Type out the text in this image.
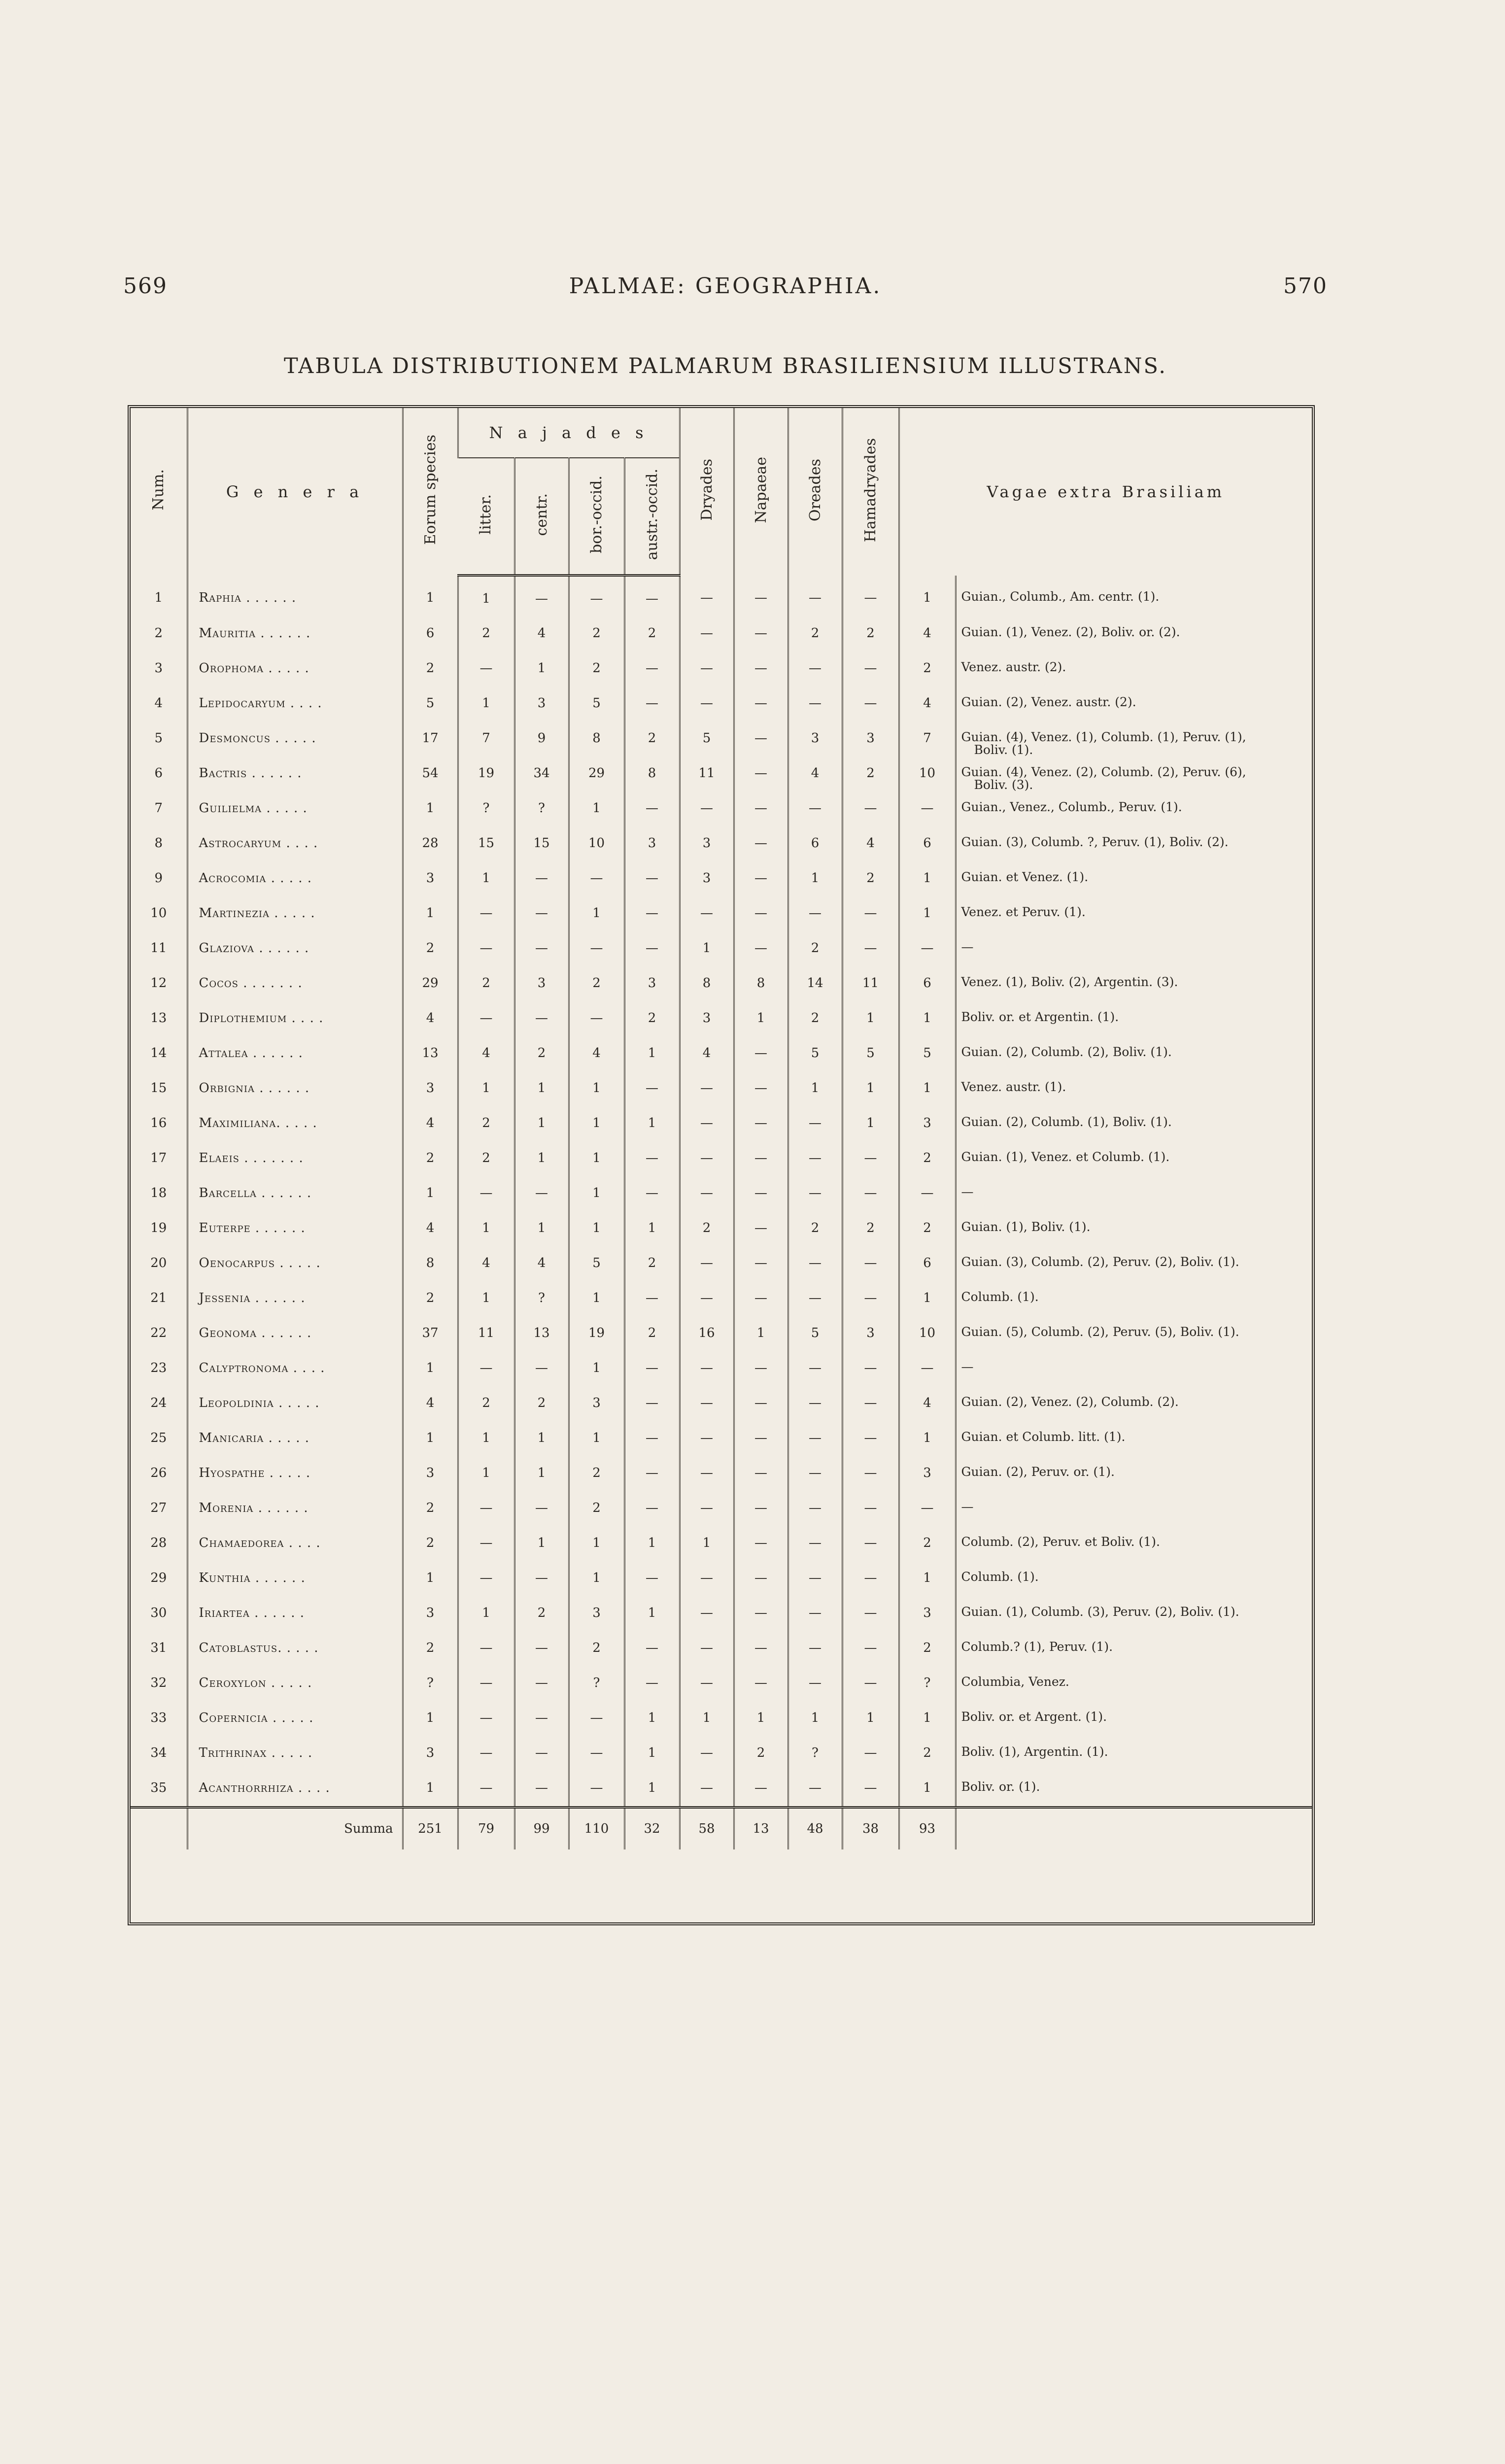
569	PALMAE: GEOGRAPHIA.	570
TABULA DISTRIBUTIONEM PALMARUM BRASILIENSIUM ILLUSTRANS.
Num.	G e n e r a	Eorum species	N a j a d e s				Dryades	Napaeae	Oreades	Hamadryades	Vagae extra Brasiliam	
			litter.	centr.	bor.-occid.	austr.-occid.						
1	Raphia . . . . . .	1	1	—	—	—	—	—	—	—	1	Guian., Columb., Am. centr. (1).

2	Mauritia . . . . . .	6	2	4	2	2	—	—	2	2	4	Guian. (1), Venez. (2), Boliv. or. (2).

3	Orophoma . . . . .	2	—	1	2	—	—	—	—	—	2	Venez. austr. (2).

4	Lepidocaryum . . . .	5	1	3	5	—	—	—	—	—	4	Guian. (2), Venez. austr. (2).

5	Desmoncus . . . . .	17	7	9	8	2	5	—	3	3	7	Guian. (4), Venez. (1), Columb. (1), Peruv. (1),
Boliv. (1).

6	Bactris . . . . . .	54	19	34	29	8	11	—	4	2	10	Guian. (4), Venez. (2), Columb. (2), Peruv. (6),
Boliv. (3).

7	Guilielma . . . . .	1	?	?	1	—	—	—	—	—	—	Guian., Venez., Columb., Peruv. (1).

8	Astrocaryum . . . .	28	15	15	10	3	3	—	6	4	6	Guian. (3), Columb. ?, Peruv. (1), Boliv. (2).

9	Acrocomia . . . . .	3	1	—	—	—	3	—	1	2	1	Guian. et Venez. (1).

10	Martinezia . . . . .	1	—	—	1	—	—	—	—	—	1	Venez. et Peruv. (1).

11	Glaziova . . . . . .	2	—	—	—	—	1	—	2	—	—	—

12	Cocos . . . . . . .	29	2	3	2	3	8	8	14	11	6	Venez. (1), Boliv. (2), Argentin. (3).

13	Diplothemium . . . .	4	—	—	—	2	3	1	2	1	1	Boliv. or. et Argentin. (1).

14	Attalea . . . . . .	13	4	2	4	1	4	—	5	5	5	Guian. (2), Columb. (2), Boliv. (1).

15	Orbignia . . . . . .	3	1	1	1	—	—	—	1	1	1	Venez. austr. (1).

16	Maximiliana. . . . .	4	2	1	1	1	—	—	—	1	3	Guian. (2), Columb. (1), Boliv. (1).

17	Elaeis . . . . . . .	2	2	1	1	—	—	—	—	—	2	Guian. (1), Venez. et Columb. (1).

18	Barcella . . . . . .	1	—	—	1	—	—	—	—	—	—	—

19	Euterpe . . . . . .	4	1	1	1	1	2	—	2	2	2	Guian. (1), Boliv. (1).

20	Oenocarpus . . . . .	8	4	4	5	2	—	—	—	—	6	Guian. (3), Columb. (2), Peruv. (2), Boliv. (1).

21	Jessenia . . . . . .	2	1	?	1	—	—	—	—	—	1	Columb. (1).

22	Geonoma . . . . . .	37	11	13	19	2	16	1	5	3	10	Guian. (5), Columb. (2), Peruv. (5), Boliv. (1).

23	Calyptronoma . . . .	1	—	—	1	—	—	—	—	—	—	—

24	Leopoldinia . . . . .	4	2	2	3	—	—	—	—	—	4	Guian. (2), Venez. (2), Columb. (2).

25	Manicaria . . . . .	1	1	1	1	—	—	—	—	—	1	Guian. et Columb. litt. (1).

26	Hyospathe . . . . .	3	1	1	2	—	—	—	—	—	3	Guian. (2), Peruv. or. (1).

27	Morenia . . . . . .	2	—	—	2	—	—	—	—	—	—	—

28	Chamaedorea . . . .	2	—	1	1	1	1	—	—	—	2	Columb. (2), Peruv. et Boliv. (1).

29	Kunthia . . . . . .	1	—	—	1	—	—	—	—	—	1	Columb. (1).

30	Iriartea . . . . . .	3	1	2	3	1	—	—	—	—	3	Guian. (1), Columb. (3), Peruv. (2), Boliv. (1).

31	Catoblastus. . . . .	2	—	—	2	—	—	—	—	—	2	Columb.? (1), Peruv. (1).

32	Ceroxylon . . . . .	?	—	—	?	—	—	—	—	—	?	Columbia, Venez.

33	Copernicia . . . . .	1	—	—	—	1	1	1	1	1	1	Boliv. or. et Argent. (1).

34	Trithrinax . . . . .	3	—	—	—	1	—	2	?	—	2	Boliv. (1), Argentin. (1).

35	Acanthorrhiza . . . .	1	—	—	—	1	—	—	—	—	1	Boliv. or. (1).

	Summa	251	79	99	110	32	58	13	48	38	93	
